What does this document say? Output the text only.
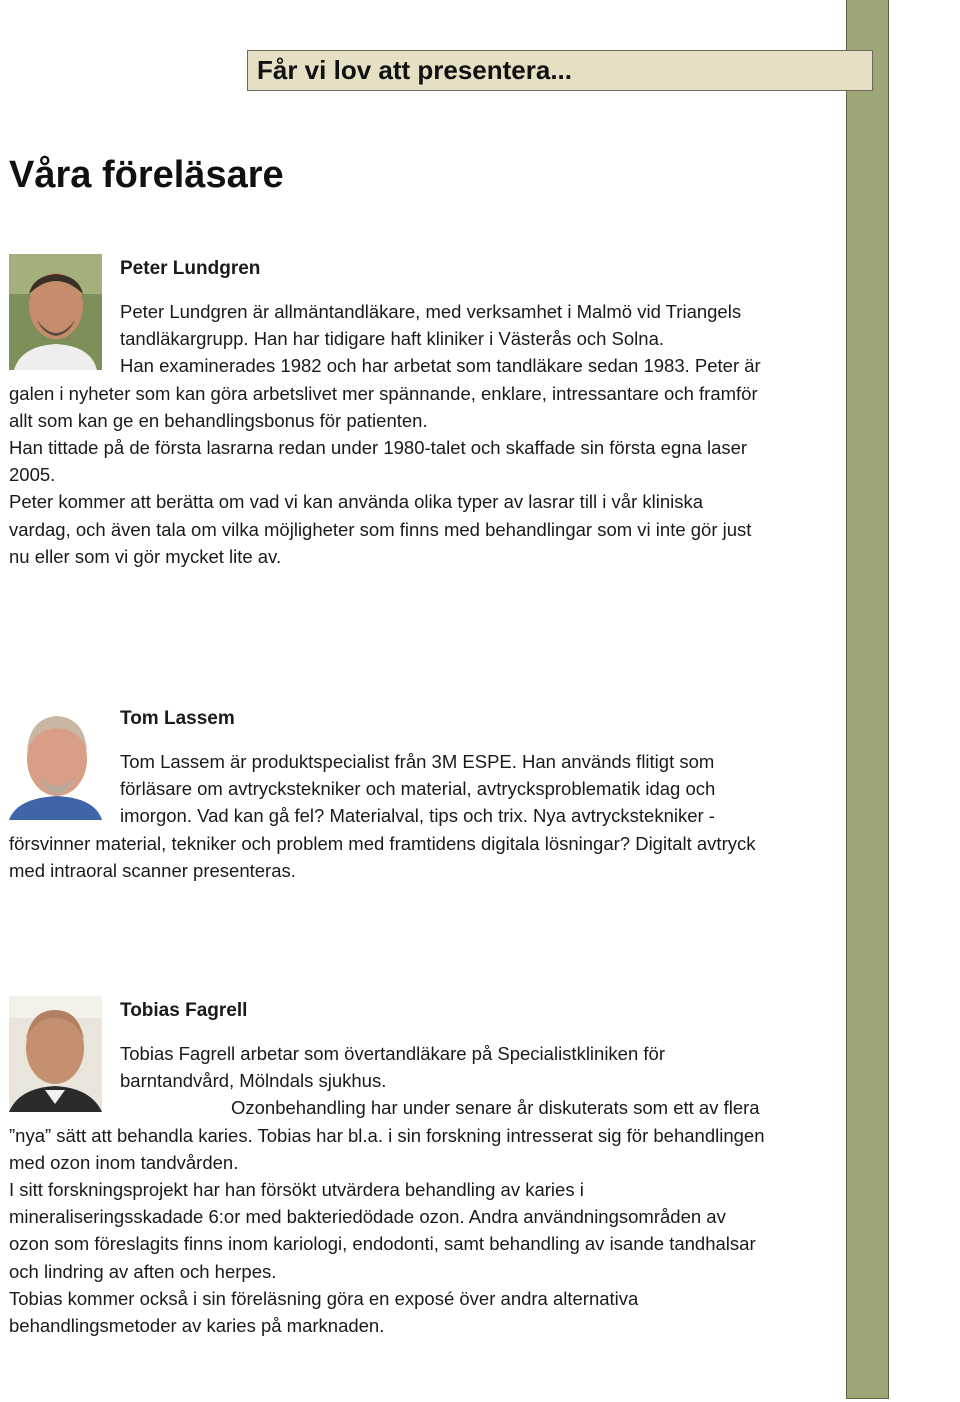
Får vi lov att presentera...
Våra föreläsare
Peter Lundgren

Peter Lundgren är allmäntandläkare, med verksamhet i Malmö vid Triangels tandläkargrupp. Han har tidigare haft kliniker i Västerås och Solna.

Han examinerades 1982 och har arbetat som tandläkare sedan 1983. Peter är galen i nyheter som kan göra arbetslivet mer spännande, enklare, intressantare och framför allt som kan ge en behandlingsbonus för patienten.

Han tittade på de första lasrarna redan under 1980-talet och skaffade sin första egna laser 2005.

Peter kommer att berätta om vad vi kan använda olika typer av lasrar till i vår kliniska vardag, och även tala om vilka möjligheter som finns med behandlingar som vi inte gör just nu eller som vi gör mycket lite av.

Tom Lassem

Tom Lassem är produktspecialist från 3M ESPE. Han används flitigt som förläsare om avtryckstekniker och material, avtrycksproblematik idag och imorgon. Vad kan gå fel? Materialval, tips och trix. Nya avtryckstekniker - försvinner material, tekniker och problem med framtidens digitala lösningar? Digitalt avtryck med intraoral scanner presenteras.

Tobias Fagrell

Tobias Fagrell arbetar som övertandläkare på Specialistkliniken för barntandvård, Mölndals sjukhus.

Ozonbehandling har under senare år diskuterats som ett av flera ”nya” sätt att behandla karies. Tobias har bl.a. i sin forskning intresserat sig för behandlingen med ozon inom tandvården.

I sitt forskningsprojekt har han försökt utvärdera behandling av karies i mineraliseringsskadade 6:or med bakteriedödade ozon. Andra användningsområden av ozon som föreslagits finns inom kariologi, endodonti, samt behandling av isande tandhalsar och lindring av aften och herpes.

Tobias kommer också i sin föreläsning göra en exposé över andra alternativa behandlingsmetoder av karies på marknaden.
